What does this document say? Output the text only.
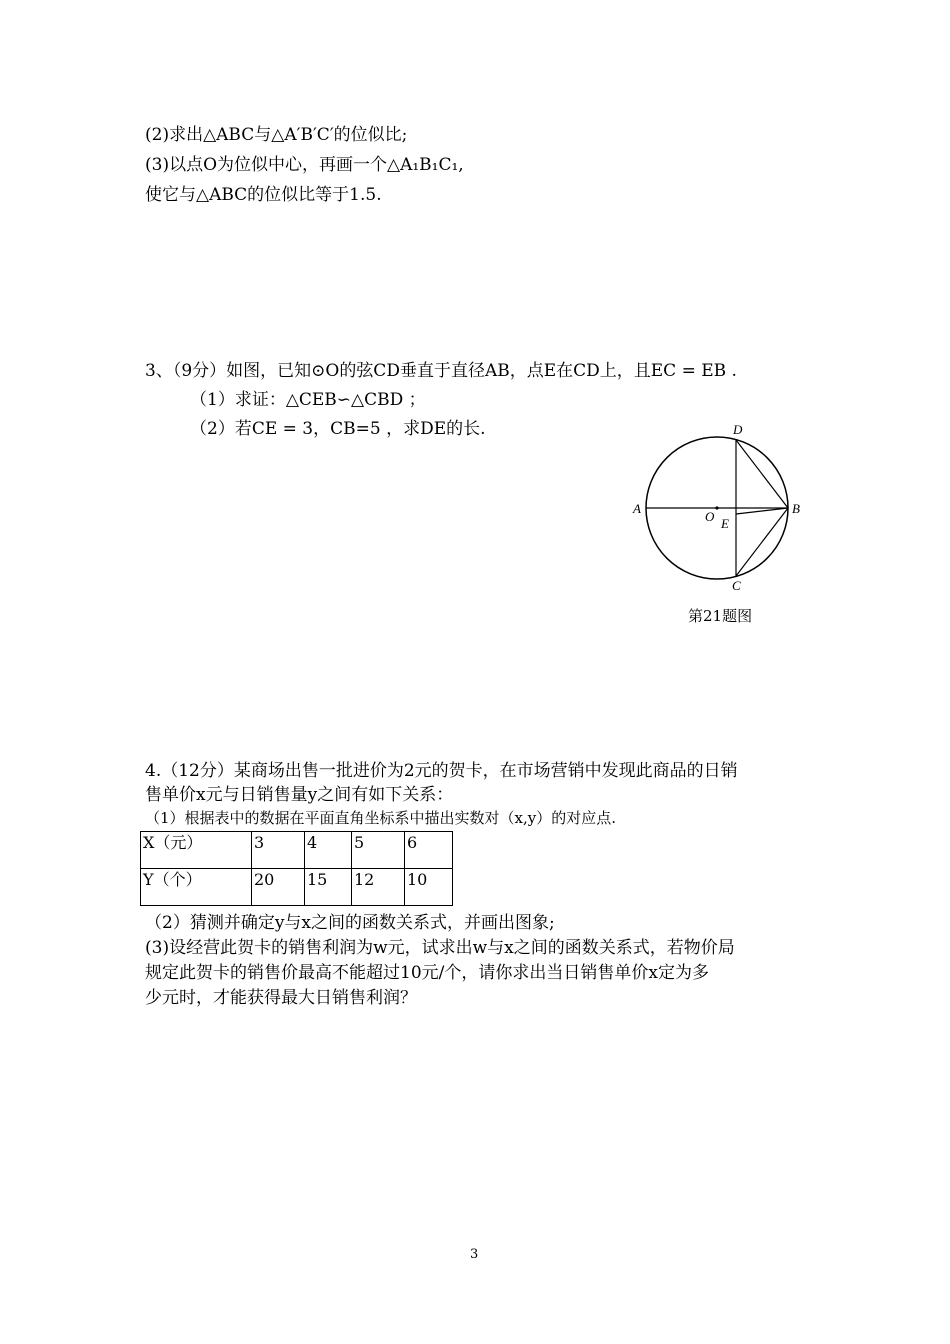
(2)求出△ABC与△A′B′C′的位似比;
(3)以点O为位似中心，再画一个△A₁B₁C₁,
使它与△ABC的位似比等于1.5.
3、（9分）如图，已知⊙O的弦CD垂直于直径AB，点E在CD上，且EC = EB .
（1）求证：△CEB∽△CBD ；
（2）若CE = 3，CB=5 ，求DE的长.
A	B
C
D
O E
第21题图
4.（12分）某商场出售一批进价为2元的贺卡，在市场营销中发现此商品的日销
售单价x元与日销售量y之间有如下关系：
（1）根据表中的数据在平面直角坐标系中描出实数对（x,y）的对应点.
X（元）	3	4	5	6
Y（个）	20	15	12	10
（2）猜测并确定y与x之间的函数关系式，并画出图象;
(3)设经营此贺卡的销售利润为w元，试求出w与x之间的函数关系式，若物价局
规定此贺卡的销售价最高不能超过10元/个，请你求出当日销售单价x定为多
少元时，才能获得最大日销售利润？
3
